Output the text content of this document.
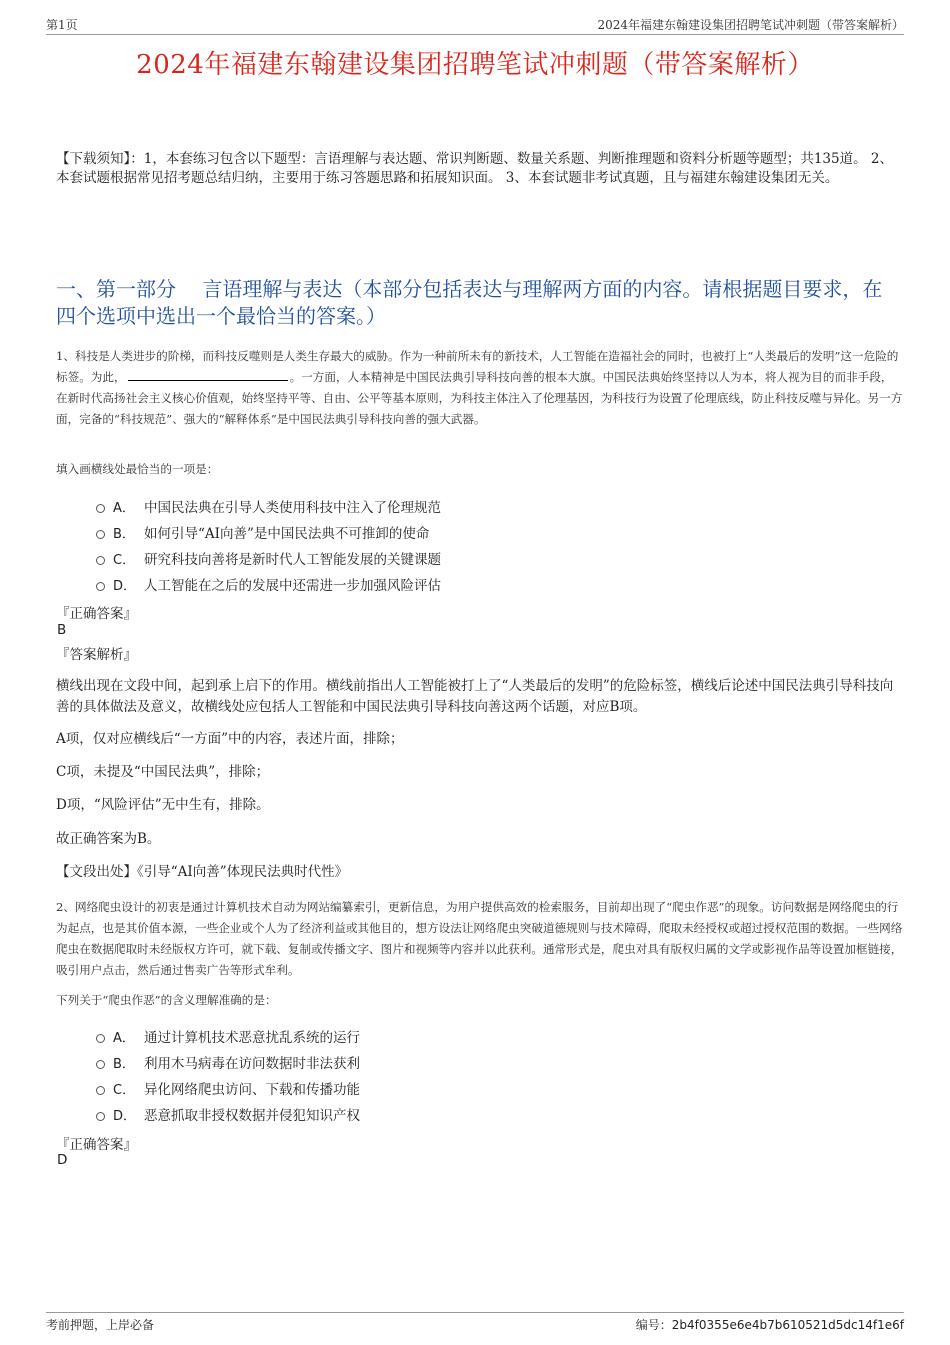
第1页	2024年福建东翰建设集团招聘笔试冲刺题（带答案解析）
2024年福建东翰建设集团招聘笔试冲刺题（带答案解析）
【下载须知】：1，本套练习包含以下题型：言语理解与表达题、常识判断题、数量关系题、判断推理题和资料分析题等题型；共135道。 2、本套试题根据常见招考题总结归纳，主要用于练习答题思路和拓展知识面。 3、本套试题非考试真题，且与福建东翰建设集团无关。
一、第一部分　 言语理解与表达（本部分包括表达与理解两方面的内容。请根据题目要求，在四个选项中选出一个最恰当的答案。）
1、科技是人类进步的阶梯，而科技反噬则是人类生存最大的威胁。作为一种前所未有的新技术，人工智能在造福社会的同时，也被打上“人类最后的发明”这一危险的标签。为此，	。一方面，人本精神是中国民法典引导科技向善的根本大旗。中国民法典始终坚持以人为本，将人视为目的而非手段，在新时代高扬社会主义核心价值观，始终坚持平等、自由、公平等基本原则，为科技主体注入了伦理基因，为科技行为设置了伦理底线，防止科技反噬与异化。另一方面，完备的“科技规范”、强大的“解释体系”是中国民法典引导科技向善的强大武器。
填入画横线处最恰当的一项是：
A． 中国民法典在引导人类使用科技中注入了伦理规范
B． 如何引导“AI向善”是中国民法典不可推卸的使命
C． 研究科技向善将是新时代人工智能发展的关键课题
D． 人工智能在之后的发展中还需进一步加强风险评估
『正确答案』
B
『答案解析』
横线出现在文段中间，起到承上启下的作用。横线前指出人工智能被打上了“人类最后的发明”的危险标签，横线后论述中国民法典引导科技向善的具体做法及意义，故横线处应包括人工智能和中国民法典引导科技向善这两个话题，对应B项。
A项，仅对应横线后“一方面”中的内容，表述片面，排除；
C项，未提及“中国民法典”，排除；
D项，“风险评估”无中生有，排除。
故正确答案为B。
【文段出处】《引导“AI向善”体现民法典时代性》
2、网络爬虫设计的初衷是通过计算机技术自动为网站编纂索引，更新信息，为用户提供高效的检索服务，目前却出现了“爬虫作恶”的现象。访问数据是网络爬虫的行为起点，也是其价值本源，一些企业或个人为了经济利益或其他目的，想方设法让网络爬虫突破道德规则与技术障碍，爬取未经授权或超过授权范围的数据。一些网络爬虫在数据爬取时未经版权方许可，就下载、复制或传播文字、图片和视频等内容并以此获利。通常形式是，爬虫对具有版权归属的文学或影视作品等设置加框链接，吸引用户点击，然后通过售卖广告等形式牟利。
下列关于“爬虫作恶”的含义理解准确的是：
A． 通过计算机技术恶意扰乱系统的运行
B． 利用木马病毒在访问数据时非法获利
C． 异化网络爬虫访问、下载和传播功能
D． 恶意抓取非授权数据并侵犯知识产权
『正确答案』
D
考前押题，上岸必备	编号：2b4f0355e6e4b7b610521d5dc14f1e6f
